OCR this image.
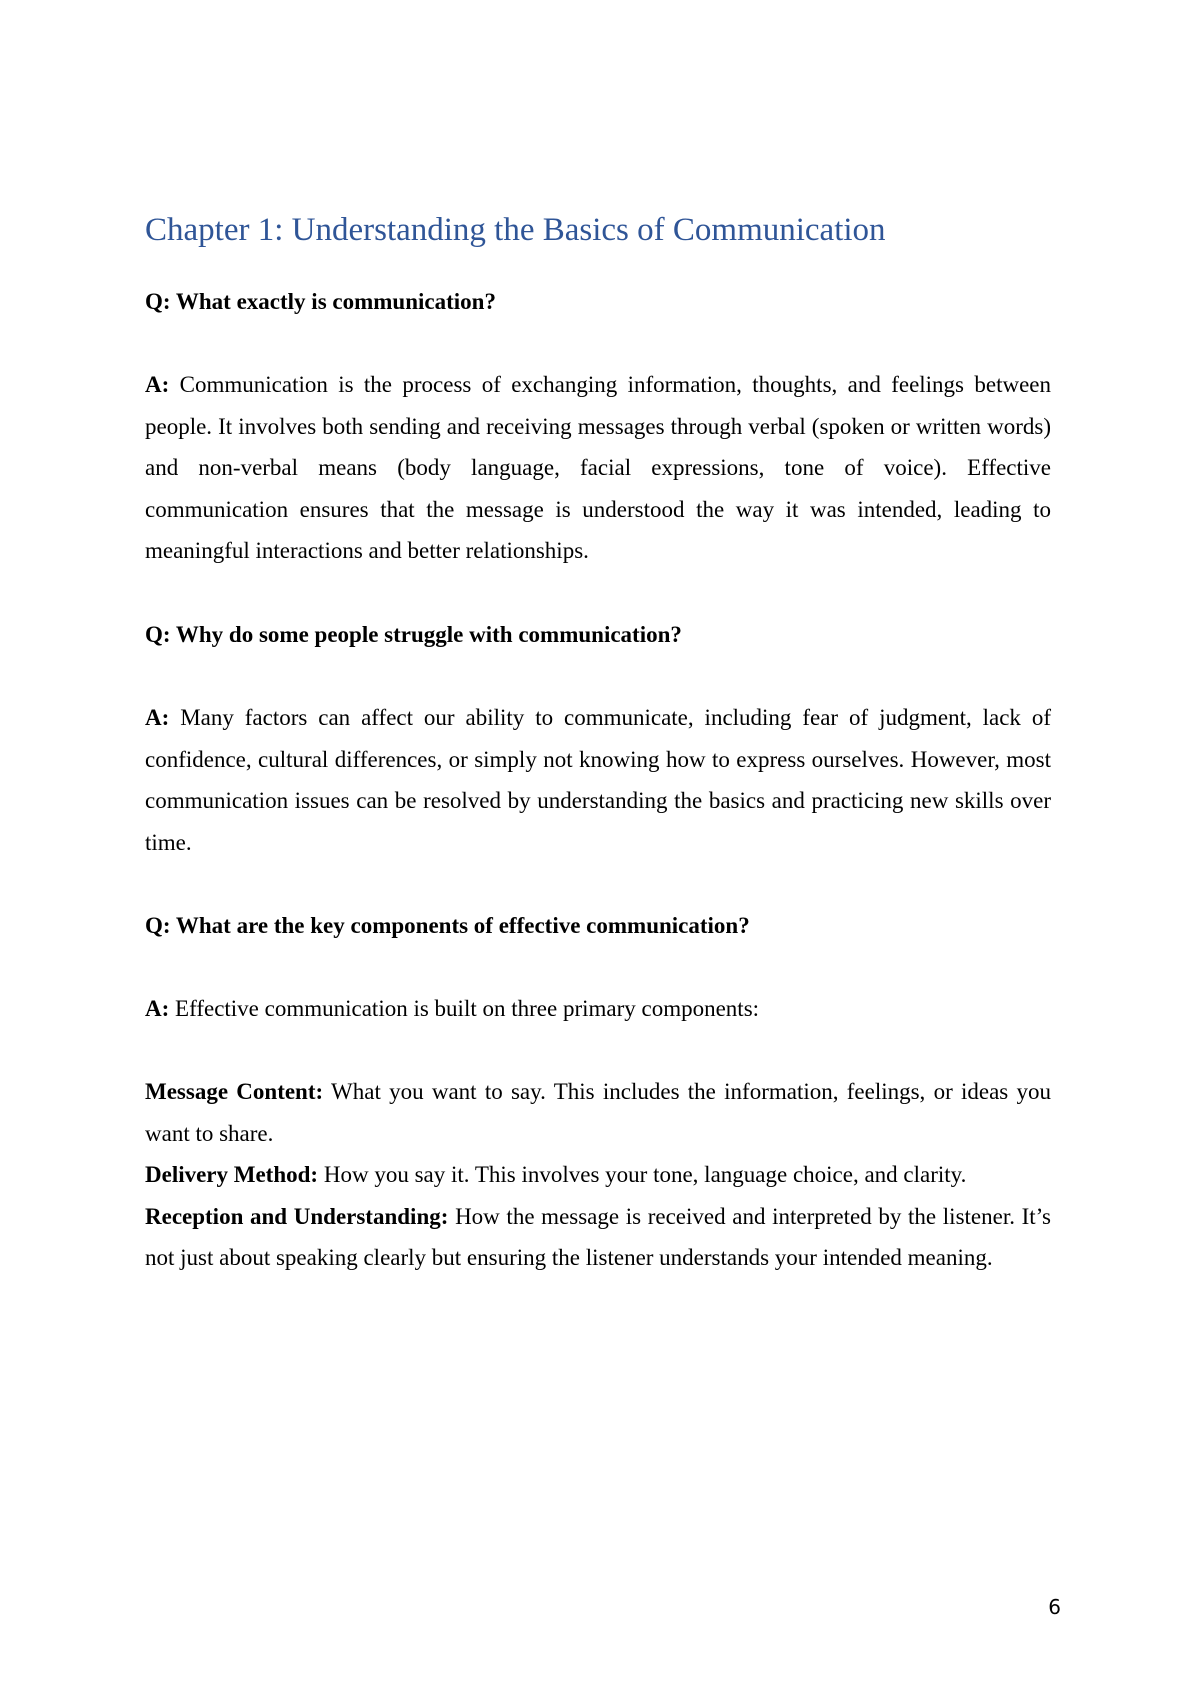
Chapter 1: Understanding the Basics of Communication

Q: What exactly is communication?

A: Communication is the process of exchanging information, thoughts, and feelings between people. It involves both sending and receiving messages through verbal (spoken or written words) and non-verbal means (body language, facial expressions, tone of voice). Effective communication ensures that the message is understood the way it was intended, leading to meaningful interactions and better relationships.

Q: Why do some people struggle with communication?

A: Many factors can affect our ability to communicate, including fear of judgment, lack of confidence, cultural differences, or simply not knowing how to express ourselves. However, most communication issues can be resolved by understanding the basics and practicing new skills over time.

Q: What are the key components of effective communication?

A: Effective communication is built on three primary components:

Message Content: What you want to say. This includes the information, feelings, or ideas you want to share.

Delivery Method: How you say it. This involves your tone, language choice, and clarity.

Reception and Understanding: How the message is received and interpreted by the listener. It’s not just about speaking clearly but ensuring the listener understands your intended meaning.

6
